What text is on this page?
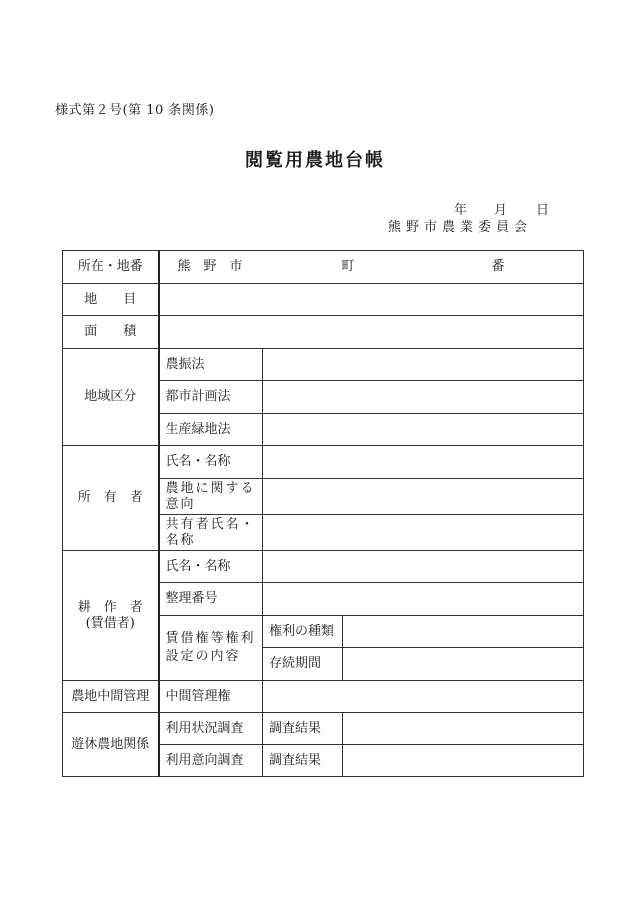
様式第２号(第 10 条関係)
閲覧用農地台帳
年 月 日
熊野市農業委員会
所在・地番	熊　野　市 町 番		

地　　目			
面　　積			
地域区分	農振法		
	都市計画法		
	生産緑地法		
所　有　者	氏名・名称		
	農地に関する意向		
	共有者氏名・名称		

耕　作　者
(賃借者)	氏名・名称		
	整理番号		
	賃借権等権利設定の内容	権利の種類	
		存続期間	
農地中間管理	中間管理権		
遊休農地関係	利用状況調査	調査結果	
	利用意向調査	調査結果	
